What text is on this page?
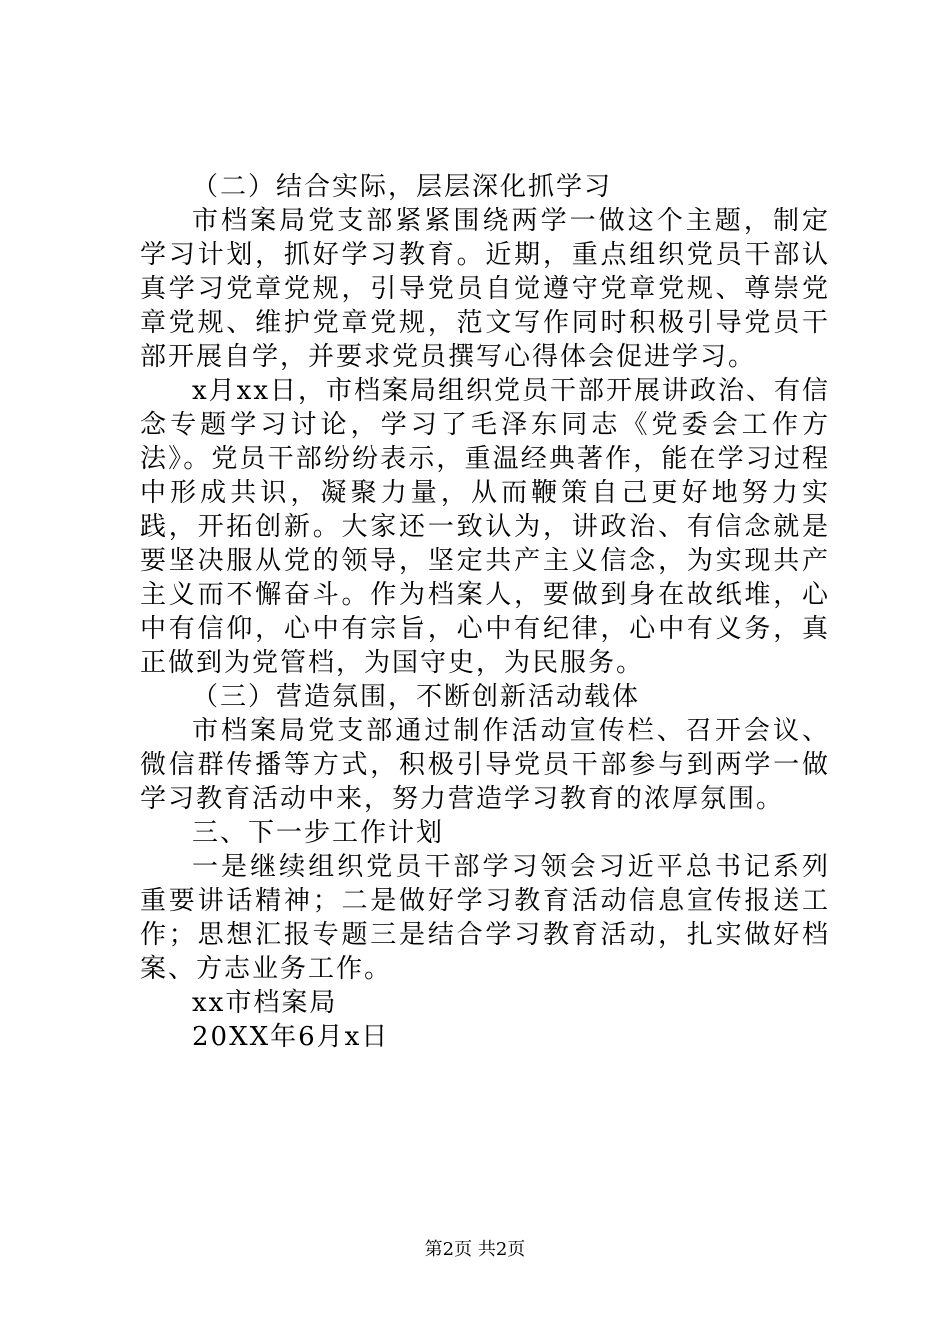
（二）结合实际，层层深化抓学习

市档案局党支部紧紧围绕两学一做这个主题，制定学习计划，抓好学习教育。近期，重点组织党员干部认真学习党章党规，引导党员自觉遵守党章党规、尊崇党章党规、维护党章党规，范文写作同时积极引导党员干部开展自学，并要求党员撰写心得体会促进学习。

x月xx日，市档案局组织党员干部开展讲政治、有信念专题学习讨论，学习了毛泽东同志《党委会工作方法》。党员干部纷纷表示，重温经典著作，能在学习过程中形成共识，凝聚力量，从而鞭策自己更好地努力实践，开拓创新。大家还一致认为，讲政治、有信念就是要坚决服从党的领导，坚定共产主义信念，为实现共产主义而不懈奋斗。作为档案人，要做到身在故纸堆，心中有信仰，心中有宗旨，心中有纪律，心中有义务，真正做到为党管档，为国守史，为民服务。

（三）营造氛围，不断创新活动载体

市档案局党支部通过制作活动宣传栏、召开会议、微信群传播等方式，积极引导党员干部参与到两学一做学习教育活动中来，努力营造学习教育的浓厚氛围。

三、下一步工作计划

一是继续组织党员干部学习领会习近平总书记系列重要讲话精神；二是做好学习教育活动信息宣传报送工作；思想汇报专题三是结合学习教育活动，扎实做好档案、方志业务工作。

xx市档案局

20XX年6月x日

第2页 共2页
